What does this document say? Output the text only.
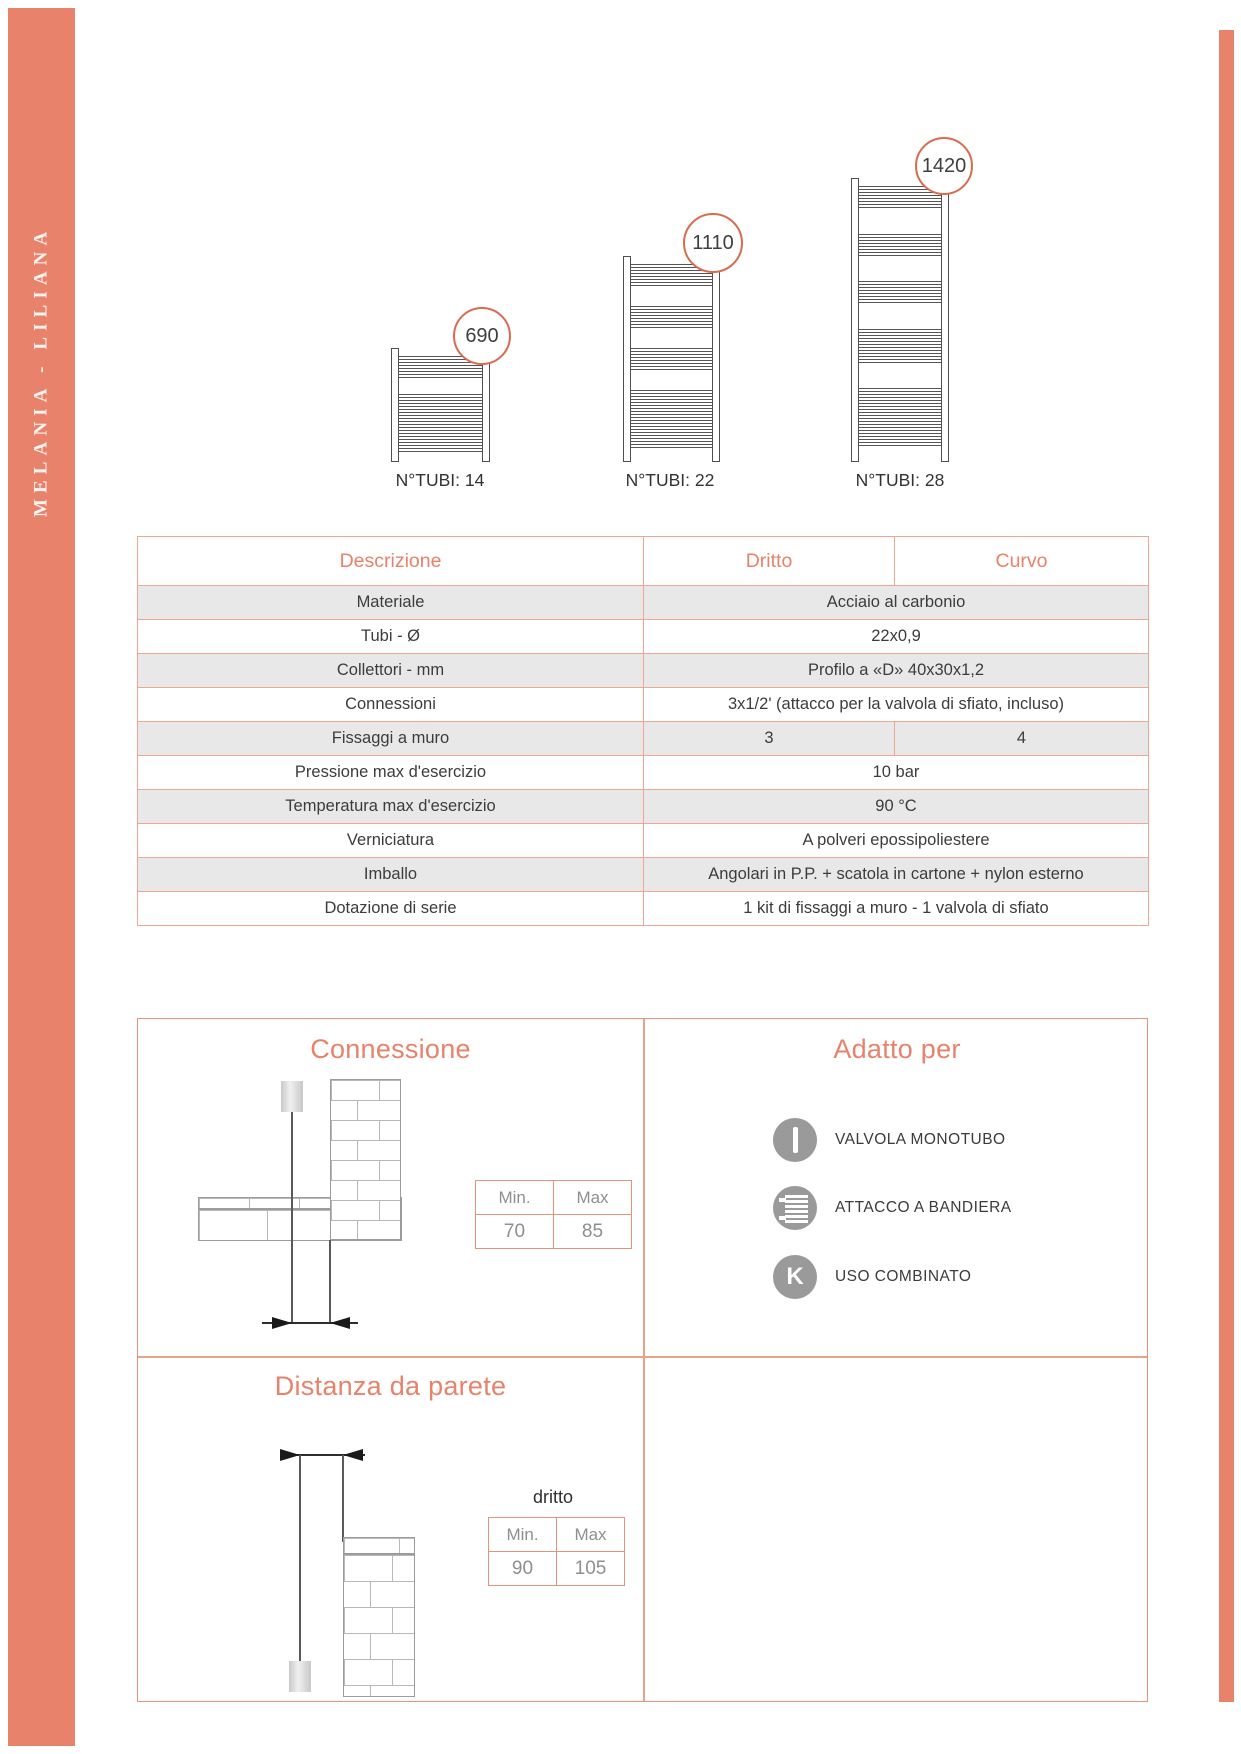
MELANIA - LILIANA	690
N°TUBI: 14
1110
N°TUBI: 22
1420
N°TUBI: 28
Descrizione	Dritto	Curvo
Materiale	Acciaio al carbonio	
Tubi - Ø	22x0,9	
Collettori - mm	Profilo a «D» 40x30x1,2	
Connessioni	3x1/2' (attacco per la valvola di sfiato, incluso)	
Fissaggi a muro	3	4
Pressione max d'esercizio	10 bar	
Temperatura max d'esercizio	90 °C	
Verniciatura	A polveri epossipoliestere	
Imballo	Angolari in P.P. + scatola in cartone + nylon esterno	
Dotazione di serie	1 kit di fissaggi a muro - 1 valvola di sfiato	
Connessione	Adatto per
Distanza da parete
Min.	Max
70	85
VALVOLA MONOTUBO
ATTACCO A BANDIERA
K	USO COMBINATO
dritto
Min.	Max
90	105
